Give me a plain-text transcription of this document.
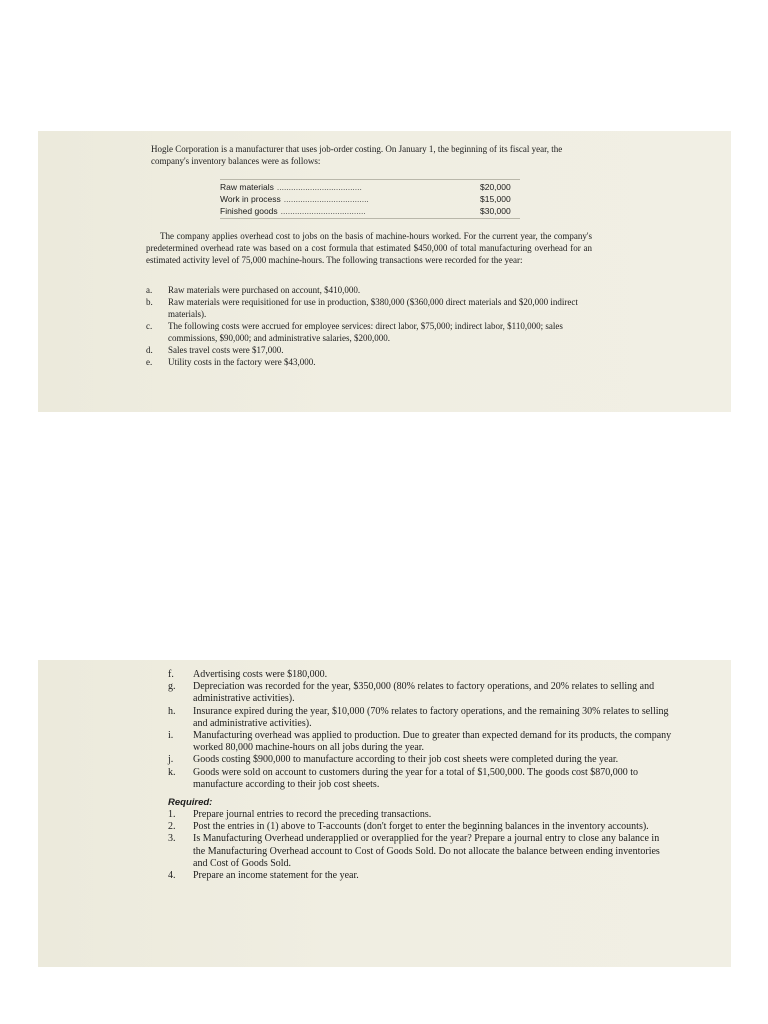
Hogle Corporation is a manufacturer that uses job-order costing. On January 1, the beginning of its fiscal year, the company's inventory balances were as follows:

Raw materials ....................................	$20,000
Work in process ....................................	$15,000
Finished goods ....................................	$30,000

The company applies overhead cost to jobs on the basis of machine-hours worked. For the current year, the company's predetermined overhead rate was based on a cost formula that estimated $450,000 of total manufacturing overhead for an estimated activity level of 75,000 machine-hours. The following transactions were recorded for the year:

a.	Raw materials were purchased on account, $410,000.
b.	Raw materials were requisitioned for use in production, $380,000 ($360,000 direct materials and $20,000 indirect materials).
c.	The following costs were accrued for employee services: direct labor, $75,000; indirect labor, $110,000; sales commissions, $90,000; and administrative salaries, $200,000.
d.	Sales travel costs were $17,000.
e.	Utility costs in the factory were $43,000.
f.	Advertising costs were $180,000.
g.	Depreciation was recorded for the year, $350,000 (80% relates to factory operations, and 20% relates to selling and administrative activities).
h.	Insurance expired during the year, $10,000 (70% relates to factory operations, and the remaining 30% relates to selling and administrative activities).
i.	Manufacturing overhead was applied to production. Due to greater than expected demand for its products, the company worked 80,000 machine-hours on all jobs during the year.
j.	Goods costing $900,000 to manufacture according to their job cost sheets were completed during the year.
k.	Goods were sold on account to customers during the year for a total of $1,500,000. The goods cost $870,000 to manufacture according to their job cost sheets.
Required:
1.	Prepare journal entries to record the preceding transactions.
2.	Post the entries in (1) above to T-accounts (don't forget to enter the beginning balances in the inventory accounts).
3.	Is Manufacturing Overhead underapplied or overapplied for the year? Prepare a journal entry to close any balance in the Manufacturing Overhead account to Cost of Goods Sold. Do not allocate the balance between ending inventories and Cost of Goods Sold.
4.	Prepare an income statement for the year.
